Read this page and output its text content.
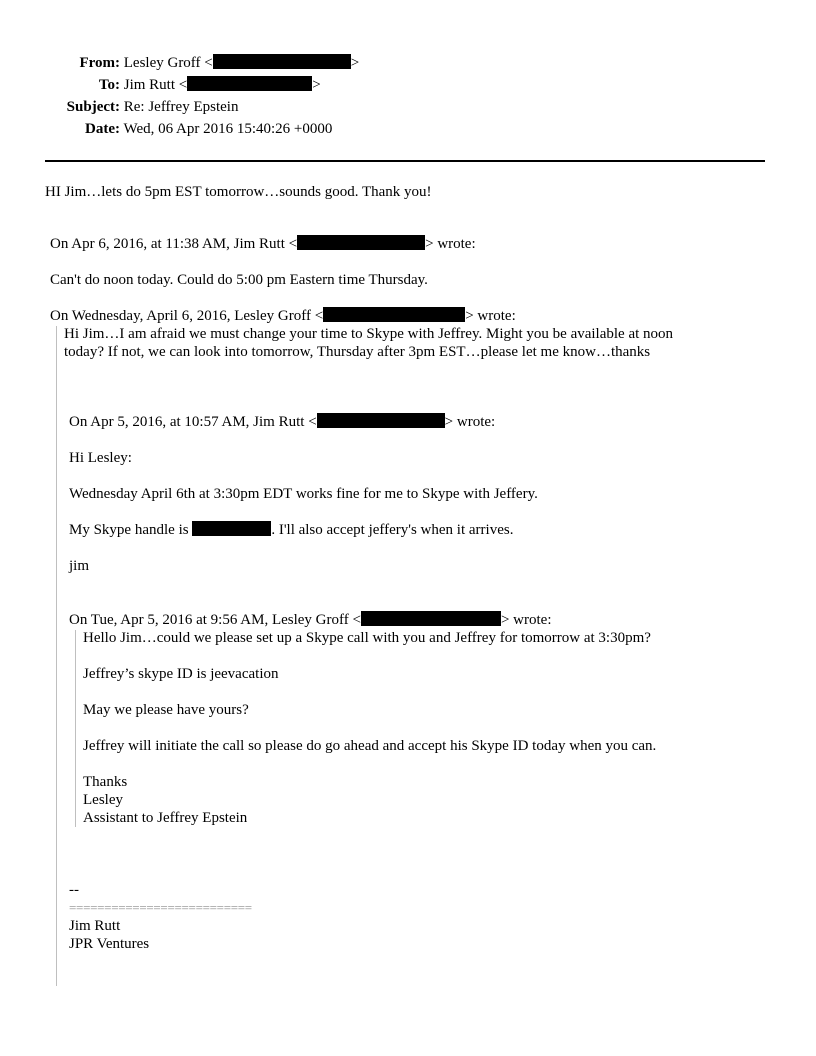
From: Lesley Groff <	>
To: Jim Rutt <	>
Subject: Re: Jeffrey Epstein
Date: Wed, 06 Apr 2016 15:40:26 +0000
HI Jim…lets do 5pm EST tomorrow…sounds good. Thank you!
On Apr 6, 2016, at 11:38 AM, Jim Rutt <	> wrote:
Can't do noon today. Could do 5:00 pm Eastern time Thursday.
On Wednesday, April 6, 2016, Lesley Groff <	> wrote:
Hi Jim…I am afraid we must change your time to Skype with Jeffrey. Might you be available at noon
today? If not, we can look into tomorrow, Thursday after 3pm EST…please let me know…thanks
On Apr 5, 2016, at 10:57 AM, Jim Rutt <	> wrote:
Hi Lesley:
Wednesday April 6th at 3:30pm EDT works fine for me to Skype with Jeffery.
My Skype handle is	. I'll also accept jeffery's when it arrives.
jim
On Tue, Apr 5, 2016 at 9:56 AM, Lesley Groff <	> wrote:
Hello Jim…could we please set up a Skype call with you and Jeffrey for tomorrow at 3:30pm?
Jeffrey’s skype ID is jeevacation
May we please have yours?
Jeffrey will initiate the call so please do go ahead and accept his Skype ID today when you can.
Thanks
Lesley
Assistant to Jeffrey Epstein
--
==========================
Jim Rutt
JPR Ventures
